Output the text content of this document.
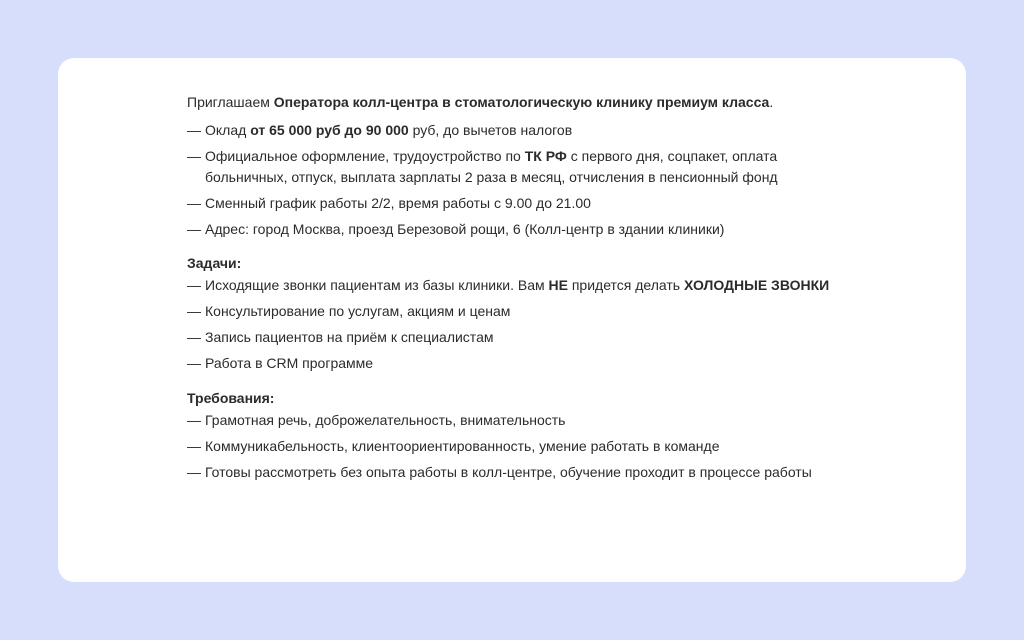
Приглашаем Оператора колл-центра в стоматологическую клинику премиум класса.

— Оклад от 65 000 руб до 90 000 руб, до вычетов налогов
— Официальное оформление, трудоустройство по ТК РФ с первого дня, соцпакет, оплата больничных, отпуск, выплата зарплаты 2 раза в месяц, отчисления в пенсионный фонд
— Сменный график работы 2/2, время работы с 9.00 до 21.00
— Адрес: город Москва, проезд Березовой рощи, 6 (Колл-центр в здании клиники)
Задачи:
— Исходящие звонки пациентам из базы клиники. Вам НЕ придется делать ХОЛОДНЫЕ ЗВОНКИ
— Консультирование по услугам, акциям и ценам
— Запись пациентов на приём к специалистам
— Работа в CRM программе
Требования:
— Грамотная речь, доброжелательность, внимательность
— Коммуникабельность, клиентоориентированность, умение работать в команде
— Готовы рассмотреть без опыта работы в колл-центре, обучение проходит в процессе работы
